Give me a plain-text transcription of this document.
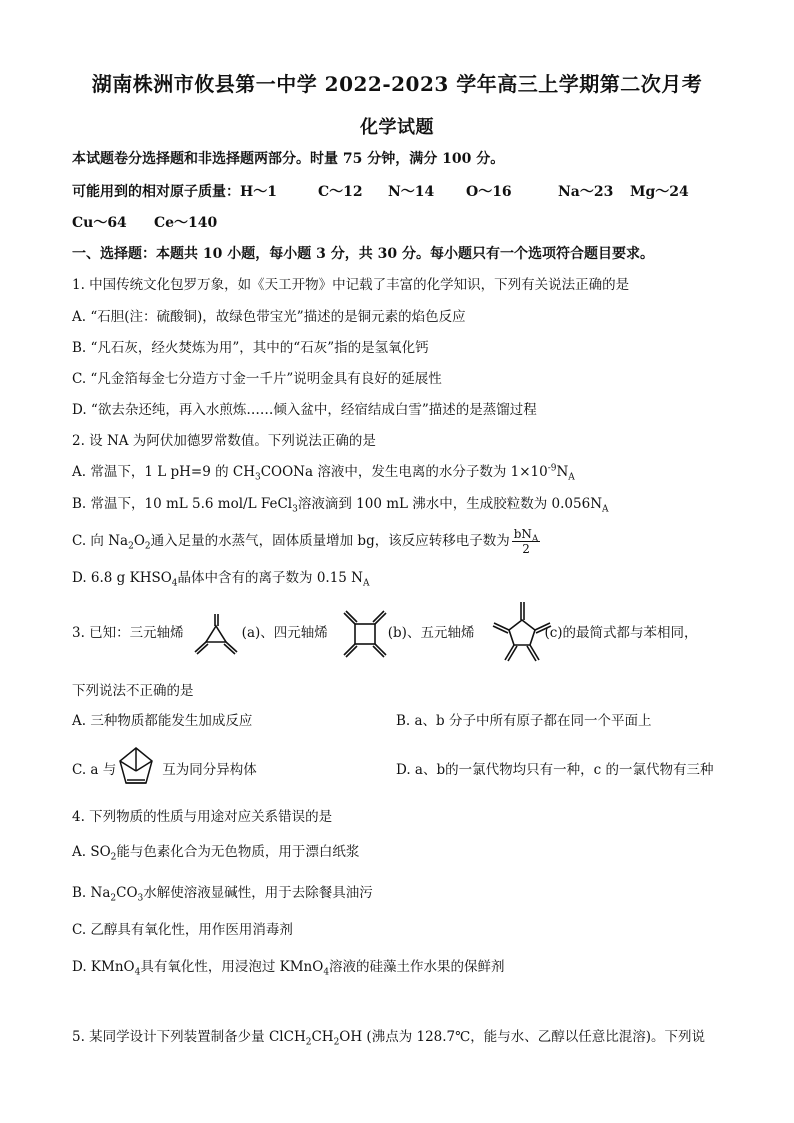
湖南株洲市攸县第一中学 2022-2023 学年高三上学期第二次月考
化学试题
本试题卷分选择题和非选择题两部分。时量 75 分钟，满分 100 分。
可能用到的相对原子质量：H～1	C～12 N～14 O～16	Na～23 Mg～24
Cu～64 Ce～140
一、选择题：本题共 10 小题，每小题 3 分，共 30 分。每小题只有一个选项符合题目要求。
1. 中国传统文化包罗万象，如《天工开物》中记载了丰富的化学知识，下列有关说法正确的是
A. “石胆(注：硫酸铜)，故绿色带宝光”描述的是铜元素的焰色反应
B. “凡石灰，经火焚炼为用”，其中的“石灰”指的是氢氧化钙
C. “凡金箔每金七分造方寸金一千片”说明金具有良好的延展性
D. “欲去杂还纯，再入水煎炼……倾入盆中，经宿结成白雪”描述的是蒸馏过程
2. 设 NA 为阿伏加德罗常数值。下列说法正确的是
A. 常温下，1 L pH=9 的 $CH_3COONa$ 溶液中，发生电离的水分子数为 $1\times 10^{-9}N_A$
B. 常温下，10 mL 5.6 mol/L FeCl$_3$溶液滴到 100 mL 沸水中，生成胶粒数为 $0.056N_A$
C. 向 $Na_2O_2$通入足量的水蒸气，固体质量增加 bg，该反应转移电子数为 $\frac{bN_A}{2}$
D. 6.8 g $KHSO_4$晶体中含有的离子数为 0.15 $N_A$
3. 已知：三元轴烯	(a)、四元轴烯	(b)、五元轴烯	(c)的最简式都与苯相同，
下列说法不正确的是
A. 三种物质都能发生加成反应	B. a、b 分子中所有原子都在同一个平面上
C. a 与	互为同分异构体	D. a、b的一氯代物均只有一种，c 的一氯代物有三种
4. 下列物质的性质与用途对应关系错误的是
A. $SO_2$能与色素化合为无色物质，用于漂白纸浆
B. $Na_2CO_3$水解使溶液显碱性，用于去除餐具油污
C. 乙醇具有氧化性，用作医用消毒剂
D. KMnO$_4$具有氧化性，用浸泡过 KMnO$_4$溶液的硅藻土作水果的保鲜剂
5. 某同学设计下列装置制备少量 $ClCH_2CH_2OH$ (沸点为 128.7℃，能与水、乙醇以任意比混溶)。下列说
